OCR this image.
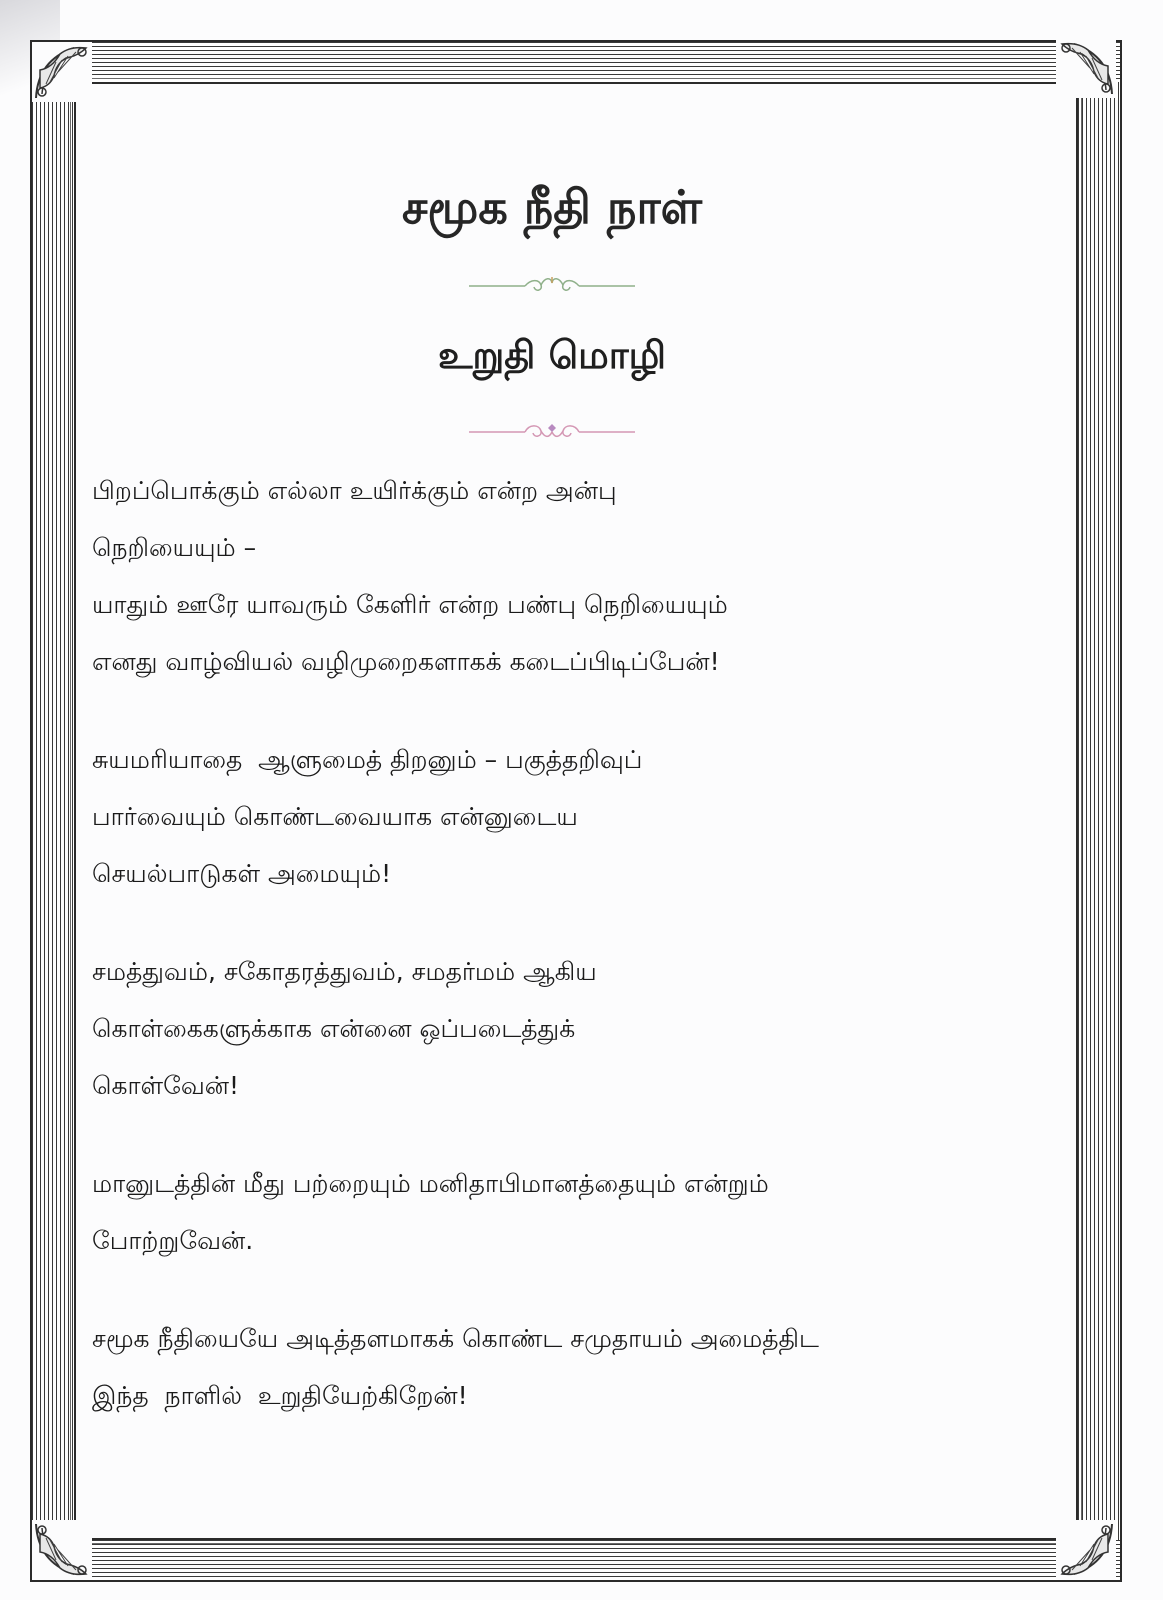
சமூக நீதி நாள்
உறுதி மொழி
பிறப்பொக்கும் எல்லா உயிர்க்கும் என்ற அன்பு
நெறியையும் –
யாதும் ஊரே யாவரும் கேளிர் என்ற பண்பு நெறியையும்
எனது வாழ்வியல் வழிமுறைகளாகக் கடைப்பிடிப்பேன்!
சுயமரியாதை  ஆளுமைத் திறனும் – பகுத்தறிவுப்
பார்வையும் கொண்டவையாக என்னுடைய
செயல்பாடுகள் அமையும்!
சமத்துவம், சகோதரத்துவம், சமதர்மம் ஆகிய
கொள்கைகளுக்காக என்னை ஒப்படைத்துக்
கொள்வேன்!
மானுடத்தின் மீது பற்றையும் மனிதாபிமானத்தையும் என்றும்
போற்றுவேன்.
சமூக நீதியையே அடித்தளமாகக் கொண்ட சமுதாயம் அமைத்திட
இந்த  நாளில்  உறுதியேற்கிறேன்!
